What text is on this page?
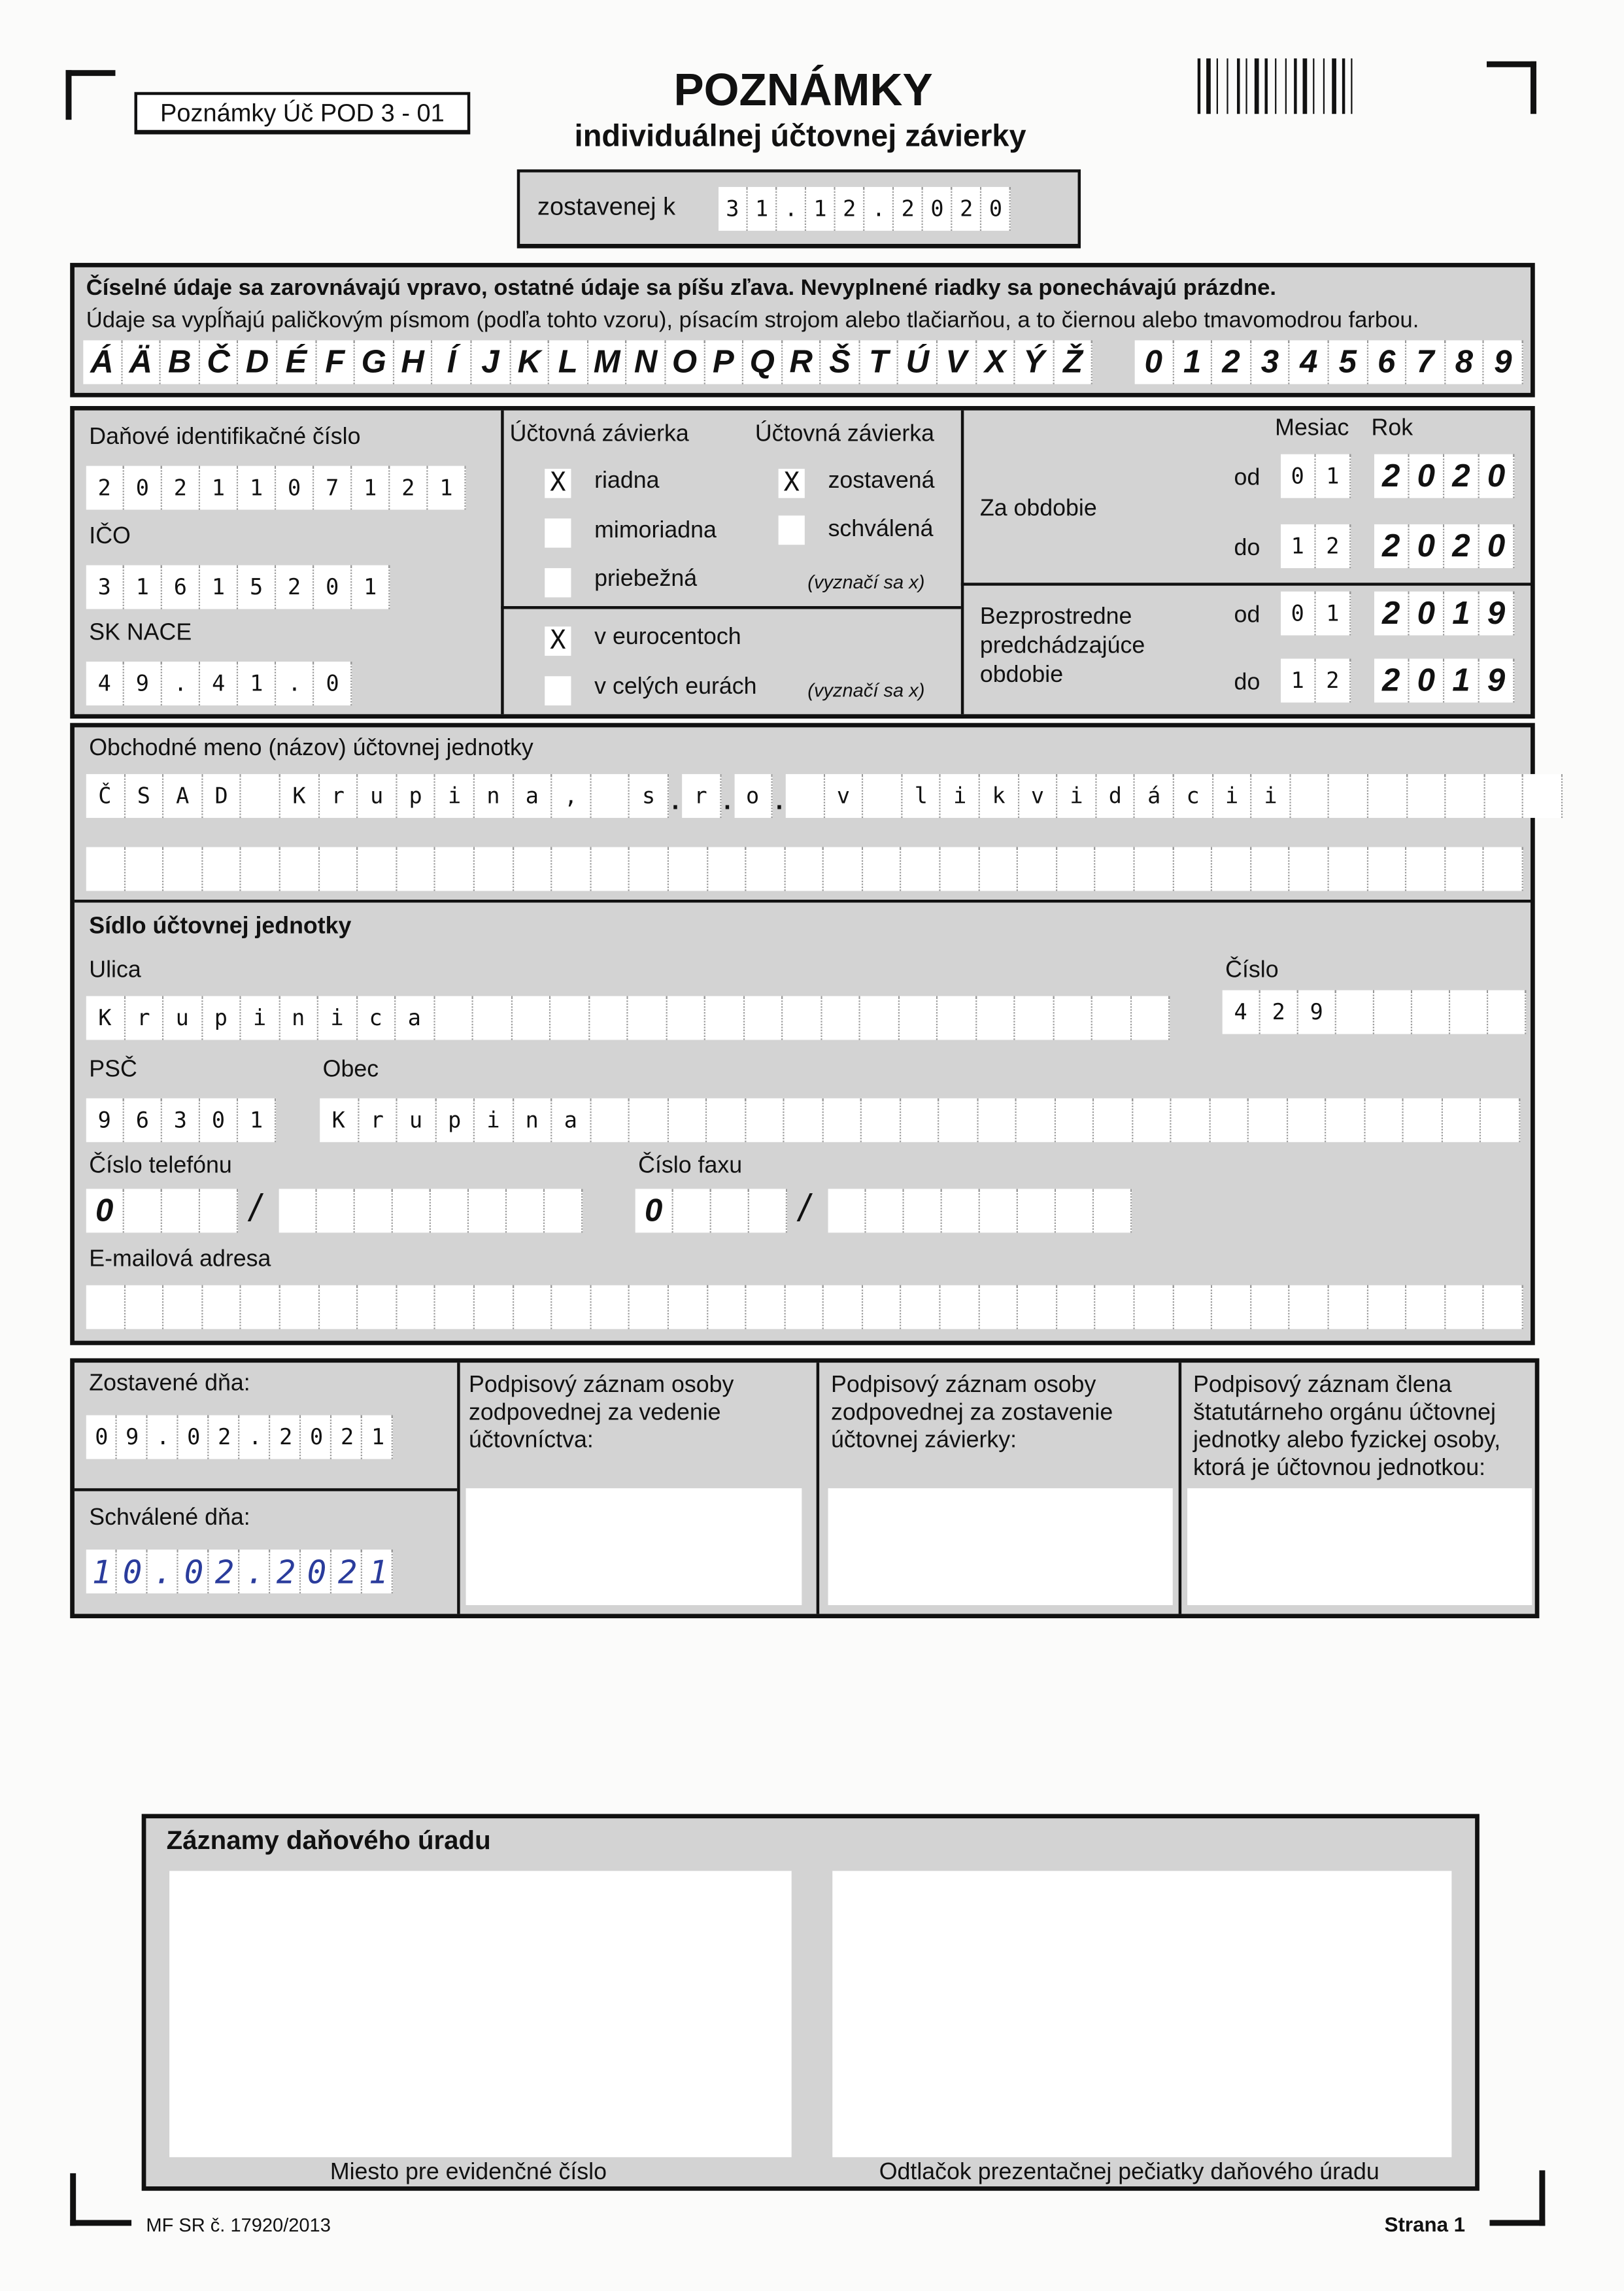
Poznámky Úč POD 3 - 01	POZNÁMKY
individuálnej účtovnej závierky
zostavenej k	31.12.2020
Číselné údaje sa zarovnávajú vpravo, ostatné údaje sa píšu zľava. Nevyplnené riadky sa ponechávajú prázdne.
Údaje sa vypĺňajú paličkovým písmom (podľa tohto vzoru), písacím strojom alebo tlačiarňou, a to čiernou alebo tmavomodrou farbou.
Á	Ä	B	Č	D	É	F	G	H	Í	J	K	L	M N	O	P	Q	R	Š	T	Ú	V	X	Ý	Ž	0	1	2	3	4	5	6	7	8	9
Daňové identifikačné číslo
2	0	2	1	1	0	7	1	2	1
IČO
3	1	6	1	5	2	0	1
SK NACE
49.41.0
Účtovná závierka	Účtovná závierka
X	riadna
mimoriadna
priebežná	(vyznačí sa x)
X	zostavená
schválená
X	v eurocentoch
v celých eurách	(vyznačí sa x)
Mesiac Rok
Za obdobie
od	0	1	2	0	2	0
do	1	2	2	0	2	0
Bezprostredne
predchádzajúce
obdobie
od	0	1	2	0	1	9
do	1	2	2	0	1	9
Obchodné meno (názov) účtovnej jednotky
Č	S	A	D	K	r	u	p	i	n	a	,	s	.	r	.	o	.	v	l	i	k	v	i	d	á	c	i	i
Sídlo účtovnej jednotky
Ulica
K	r	u	p	i	n	i	c	a
Číslo
4	2	9
PSČ
9	6	3	0	1
Obec
K	r	u	p	i	n	a
Číslo telefónu
0	/
Číslo faxu
0	/
E-mailová adresa
Zostavené dňa:
09.02.2021
Schválené dňa:
10.02.2021
Podpisový záznam osoby zodpovednej za vedenie účtovníctva:
Podpisový záznam osoby zodpovednej za zostavenie účtovnej závierky:
Podpisový záznam člena štatutárneho orgánu účtovnej jednotky alebo fyzickej osoby, ktorá je účtovnou jednotkou:
Záznamy daňového úradu
Miesto pre evidenčné číslo	Odtlačok prezentačnej pečiatky daňového úradu
MF SR č. 17920/2013	Strana 1
